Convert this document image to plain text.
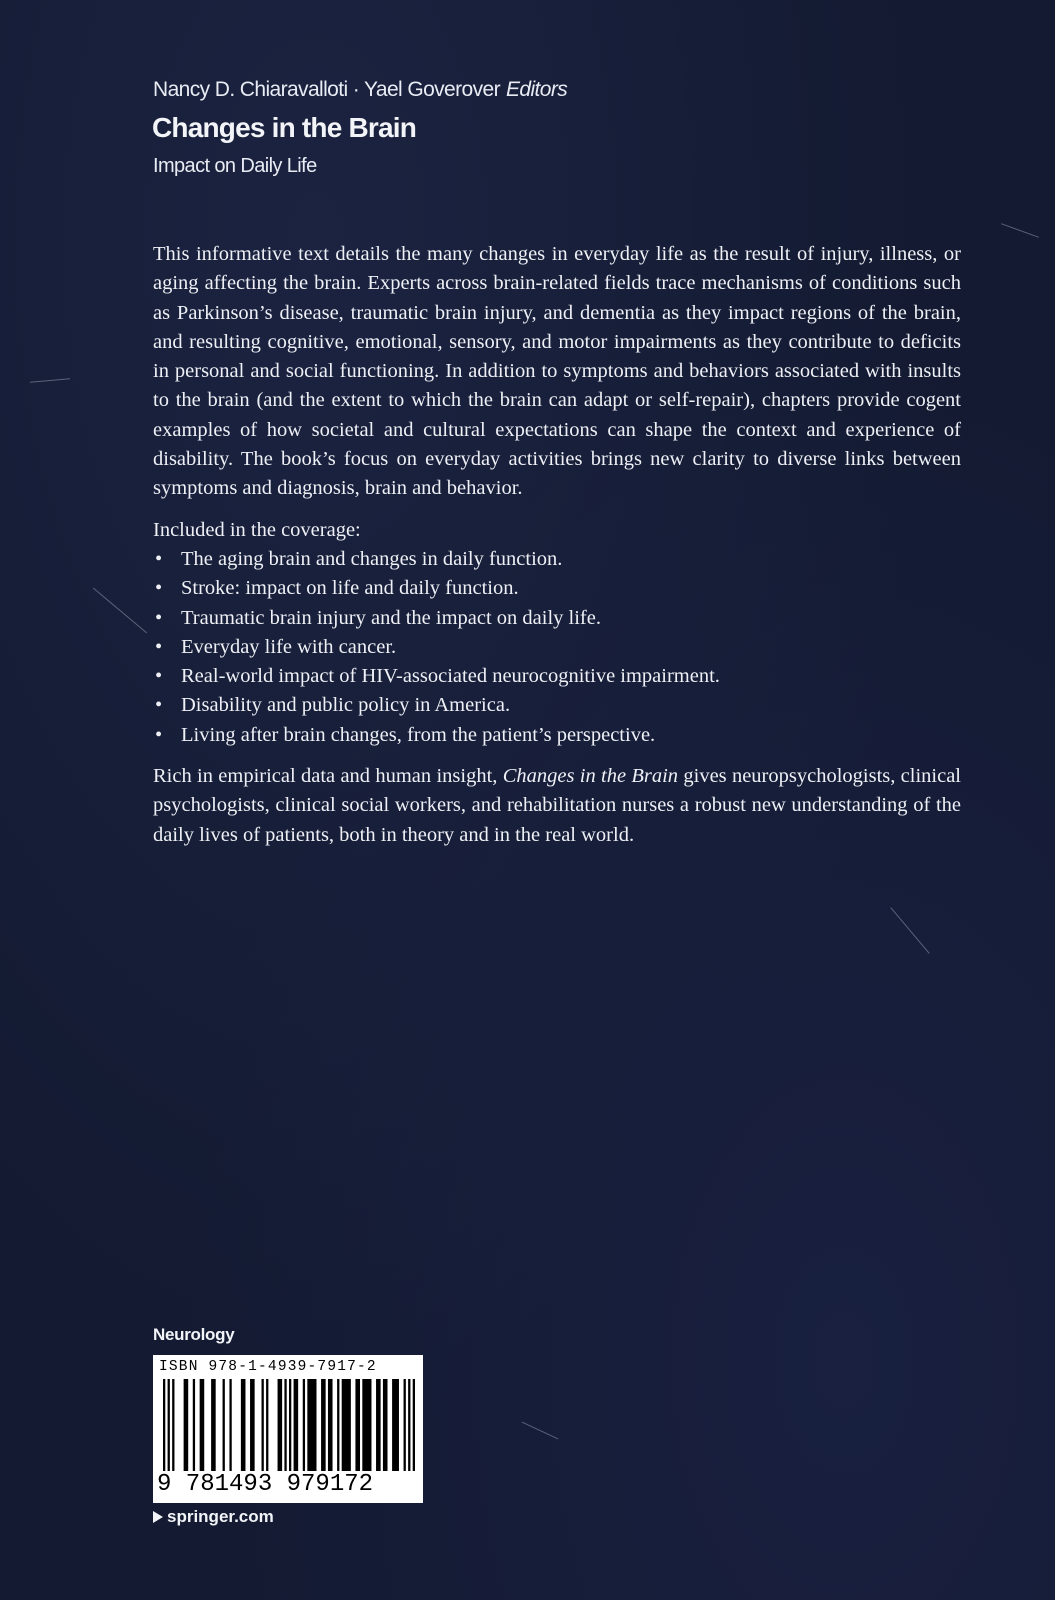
Nancy D. Chiaravalloti · Yael Goverover Editors
Changes in the Brain
Impact on Daily Life

This informative text details the many changes in everyday life as the result of injury, illness, or aging affecting the brain. Experts across brain-related fields trace mechanisms of conditions such as Parkinson’s disease, traumatic brain injury, and dementia as they impact regions of the brain, and resulting cognitive, emotional, sensory, and motor impairments as they contribute to deficits in personal and social functioning. In addition to symptoms and behaviors associated with insults to the brain (and the extent to which the brain can adapt or self-repair), chapters provide cogent examples of how societal and cultural expectations can shape the context and experience of disability. The book’s focus on everyday activities brings new clarity to diverse links between symptoms and diagnosis, brain and behavior.

Included in the coverage:

• The aging brain and changes in daily function.
• Stroke: impact on life and daily function.
• Traumatic brain injury and the impact on daily life.
• Everyday life with cancer.
• Real-world impact of HIV-associated neurocognitive impairment.
• Disability and public policy in America.
• Living after brain changes, from the patient’s perspective.

Rich in empirical data and human insight, Changes in the Brain gives neuropsychologists, clinical psychologists, clinical social workers, and rehabilitation nurses a robust new understanding of the daily lives of patients, both in theory and in the real world.

Neurology
ISBN 978-1-4939-7917-2
9 781493 979172
springer.com
